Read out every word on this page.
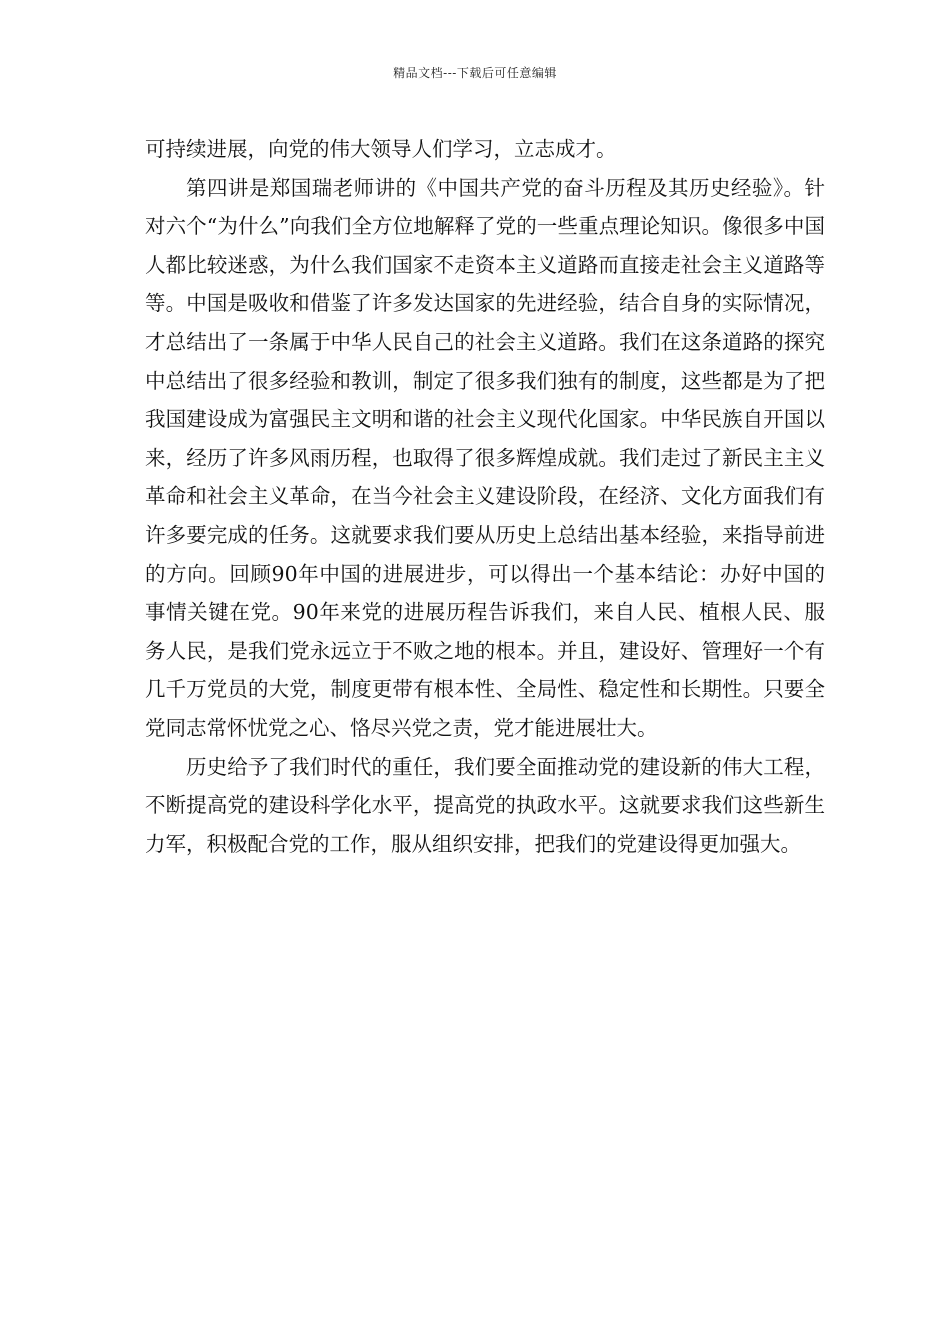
精品文档---下载后可任意编辑

可持续进展，向党的伟大领导人们学习，立志成才。

第四讲是郑国瑞老师讲的《中国共产党的奋斗历程及其历史经验》。针对六个“为什么”向我们全方位地解释了党的一些重点理论知识。像很多中国人都比较迷惑，为什么我们国家不走资本主义道路而直接走社会主义道路等等。中国是吸收和借鉴了许多发达国家的先进经验，结合自身的实际情况，才总结出了一条属于中华人民自己的社会主义道路。我们在这条道路的探究中总结出了很多经验和教训，制定了很多我们独有的制度，这些都是为了把我国建设成为富强民主文明和谐的社会主义现代化国家。中华民族自开国以来，经历了许多风雨历程，也取得了很多辉煌成就。我们走过了新民主主义革命和社会主义革命，在当今社会主义建设阶段，在经济、文化方面我们有许多要完成的任务。这就要求我们要从历史上总结出基本经验，来指导前进的方向。回顾90年中国的进展进步，可以得出一个基本结论：办好中国的事情关键在党。90年来党的进展历程告诉我们，来自人民、植根人民、服务人民，是我们党永远立于不败之地的根本。并且，建设好、管理好一个有几千万党员的大党，制度更带有根本性、全局性、稳定性和长期性。只要全党同志常怀忧党之心、恪尽兴党之责，党才能进展壮大。

历史给予了我们时代的重任，我们要全面推动党的建设新的伟大工程，不断提高党的建设科学化水平，提高党的执政水平。这就要求我们这些新生力军，积极配合党的工作，服从组织安排，把我们的党建设得更加强大。
